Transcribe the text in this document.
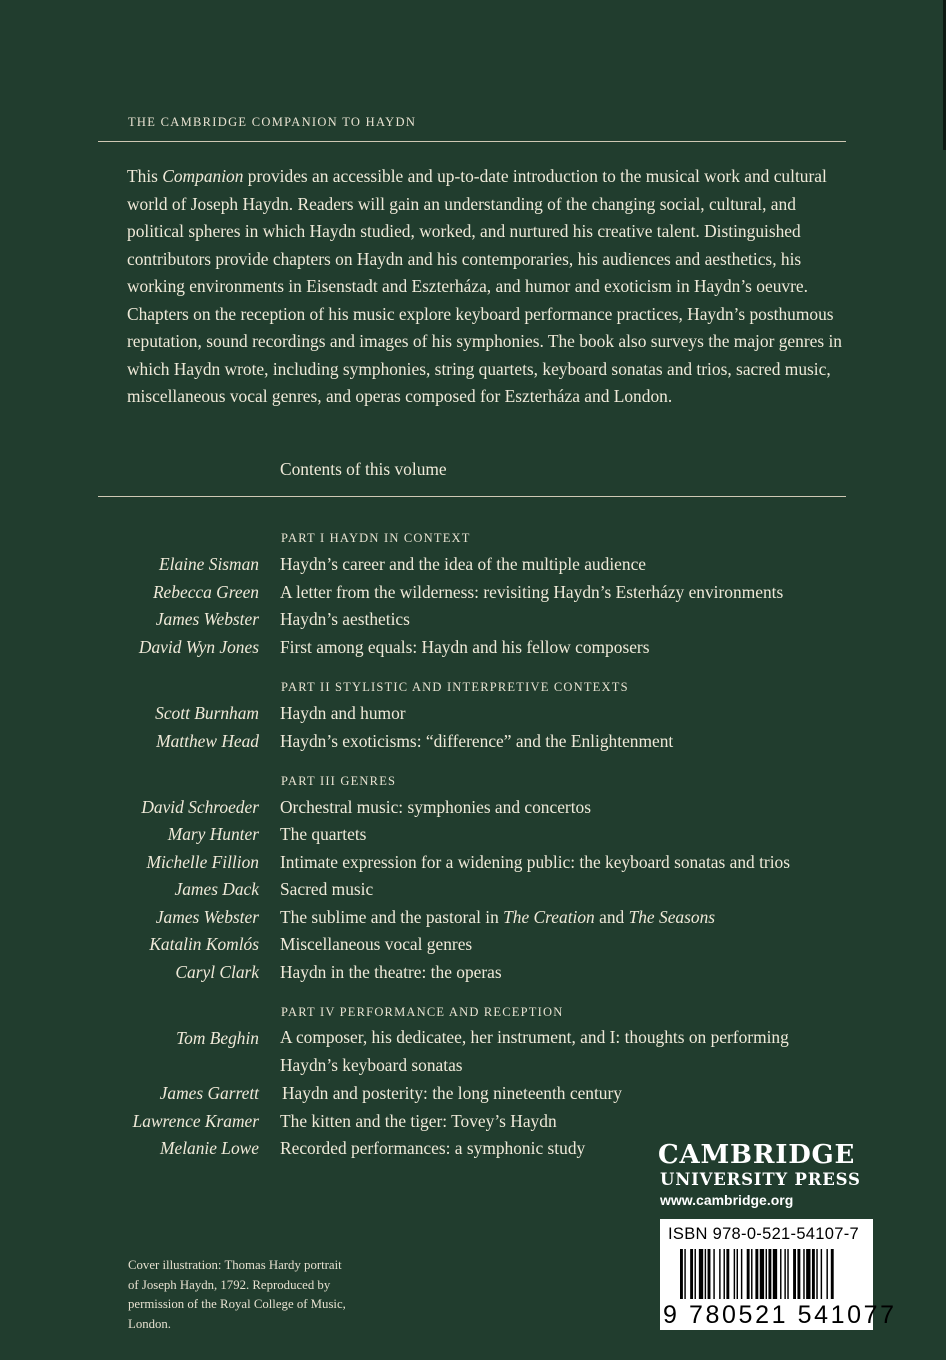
THE CAMBRIDGE COMPANION TO HAYDN
This Companion provides an accessible and up-to-date introduction to the musical work and cultural world of Joseph Haydn. Readers will gain an understanding of the changing social, cultural, and political spheres in which Haydn studied, worked, and nurtured his creative talent. Distinguished contributors provide chapters on Haydn and his contemporaries, his audiences and aesthetics, his working environments in Eisenstadt and Eszterháza, and humor and exoticism in Haydn’s oeuvre. Chapters on the reception of his music explore keyboard performance practices, Haydn’s posthumous reputation, sound recordings and images of his symphonies. The book also surveys the major genres in which Haydn wrote, including symphonies, string quartets, keyboard sonatas and trios, sacred music, miscellaneous vocal genres, and operas composed for Eszterháza and London.
Contents of this volume
PART I HAYDN IN CONTEXT
Elaine Sisman Haydn’s career and the idea of the multiple audience
Rebecca Green A letter from the wilderness: revisiting Haydn’s Esterházy environments
James Webster Haydn’s aesthetics
David Wyn Jones First among equals: Haydn and his fellow composers
PART II STYLISTIC AND INTERPRETIVE CONTEXTS
Scott Burnham Haydn and humor
Matthew Head Haydn’s exoticisms: “difference” and the Enlightenment
PART III GENRES
David Schroeder Orchestral music: symphonies and concertos
Mary Hunter The quartets
Michelle Fillion Intimate expression for a widening public: the keyboard sonatas and trios
James Dack Sacred music
James Webster The sublime and the pastoral in The Creation and The Seasons
Katalin Komlós Miscellaneous vocal genres
Caryl Clark Haydn in the theatre: the operas
PART IV PERFORMANCE AND RECEPTION
Tom Beghin A composer, his dedicatee, her instrument, and I: thoughts on performing Haydn’s keyboard sonatas
James Garrett Haydn and posterity: the long nineteenth century
Lawrence Kramer The kitten and the tiger: Tovey’s Haydn
Melanie Lowe Recorded performances: a symphonic study
Cover illustration: Thomas Hardy portrait of Joseph Haydn, 1792. Reproduced by permission of the Royal College of Music, London.
CAMBRIDGE
UNIVERSITY PRESS
www.cambridge.org
ISBN 978-0-521-54107-7
9 780521 541077
